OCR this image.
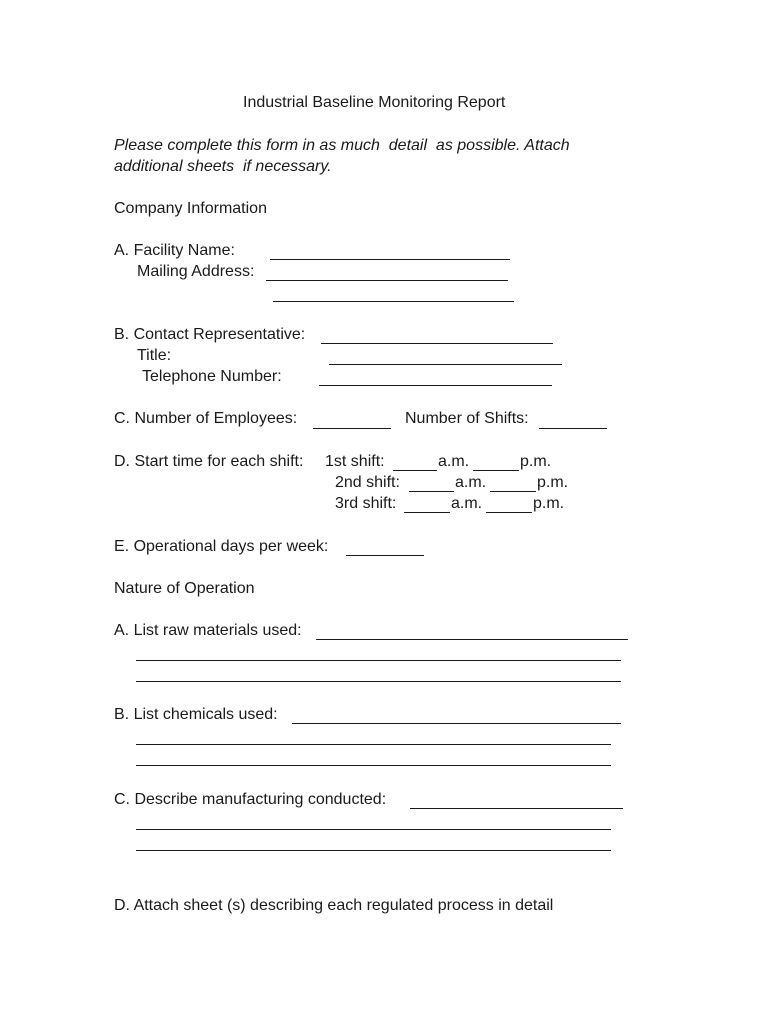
Industrial Baseline Monitoring Report
Please complete this form in as much  detail  as possible. Attach
additional sheets  if necessary.
Company Information
A. Facility Name:
Mailing Address:
B. Contact Representative:
Title:
Telephone Number:
C. Number of Employees:	Number of Shifts:
D. Start time for each shift: 1st shift:	a.m.	p.m.
2nd shift:	a.m.	p.m.
3rd shift:	a.m.	p.m.
E. Operational days per week:
Nature of Operation
A. List raw materials used:
B. List chemicals used:
C. Describe manufacturing conducted:
D. Attach sheet (s) describing each regulated process in detail
